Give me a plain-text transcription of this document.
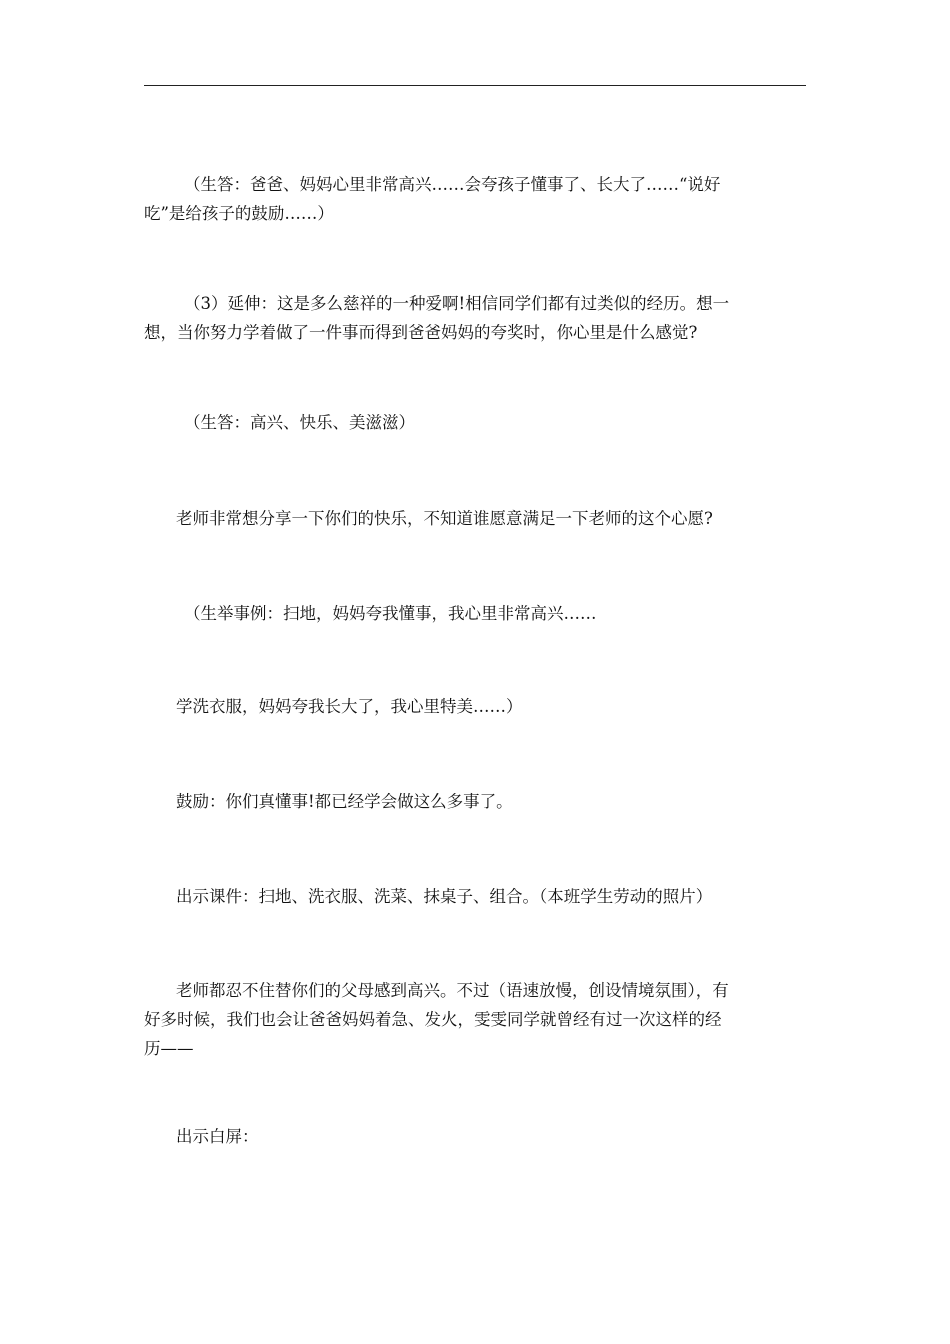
（生答：爸爸、妈妈心里非常高兴……会夸孩子懂事了、长大了……“说好
吃”是给孩子的鼓励……）

（3）延伸：这是多么慈祥的一种爱啊!相信同学们都有过类似的经历。想一
想，当你努力学着做了一件事而得到爸爸妈妈的夸奖时，你心里是什么感觉?

（生答：高兴、快乐、美滋滋）

老师非常想分享一下你们的快乐，不知道谁愿意满足一下老师的这个心愿?

（生举事例：扫地，妈妈夸我懂事，我心里非常高兴……

学洗衣服，妈妈夸我长大了，我心里特美……）

鼓励：你们真懂事!都已经学会做这么多事了。

出示课件：扫地、洗衣服、洗菜、抹桌子、组合。（本班学生劳动的照片）

老师都忍不住替你们的父母感到高兴。不过（语速放慢，创设情境氛围），有
好多时候，我们也会让爸爸妈妈着急、发火，雯雯同学就曾经有过一次这样的经
历——

出示白屏：
